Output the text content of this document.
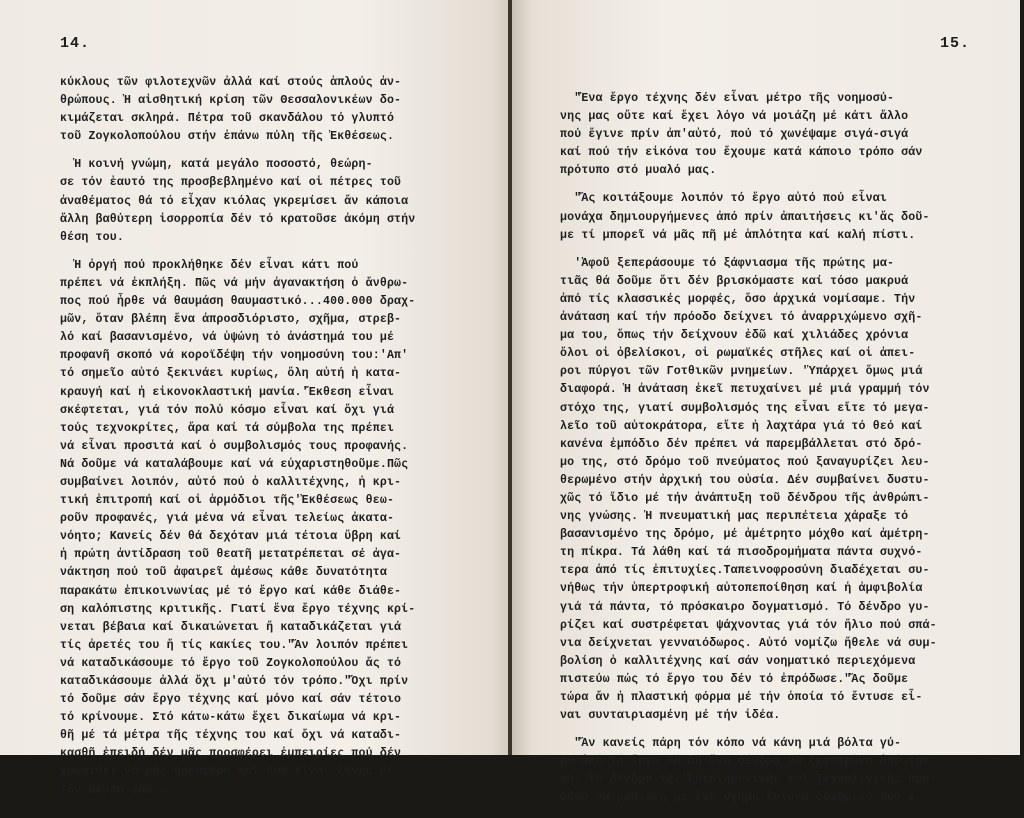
14.
κύκλους τῶν φιλοτεχνῶν ἀλλά καί στούς ἁπλούς ἀν-
θρώπους. Ἡ αἰσθητική κρίση τῶν Θεσσαλονικέων δο-
κιμάζεται σκληρά. Πέτρα τοῦ σκανδάλου τό γλυπτό
τοῦ Ζογκολοπούλου στήν ἐπάνω πύλη τῆς Ἐκθέσεως.
Ἡ κοινή γνώμη, κατά μεγάλο ποσοστό, θεώρη-
σε τόν ἑαυτό της προσβεβλημένο καί οἱ πέτρες τοῦ
ἀναθέματος θά τό εἶχαν κιόλας γκρεμίσει ἄν κάποια
ἄλλη βαθύτερη ἰσορροπία δέν τό κρατοῦσε ἀκόμη στήν
θέση του.
Ἡ ὀργή πού προκλήθηκε δέν εἶναι κάτι πού
πρέπει νά ἐκπλήξη. Πῶς νά μήν ἀγανακτήση ὁ ἄνθρω-
πος πού ἦρθε νά θαυμάση θαυμαστικό...400.000 δραχ-
μῶν, ὅταν βλέπη ἕνα ἀπροσδιόριστο, σχῆμα, στρεβ-
λό καί βασανισμένο, νά ὑψώνη τό ἀνάστημά του μέ
προφανῆ σκοπό νά κοροϊδέψη τήν νοημοσύνη του:'Απ'
τό σημεῖο αὐτό ξεκινάει κυρίως, ὅλη αὐτή ἡ κατα-
κραυγή καί ἡ εἰκονοκλαστική μανία.'Ἔκθεση εἶναι
σκέφτεται, γιά τόν πολύ κόσμο εἶναι καί ὄχι γιά
τούς τεχνοκρίτες, ἄρα καί τά σύμβολα της πρέπει
νά εἶναι προσιτά καί ὁ συμβολισμός τους προφανής.
Νά δοῦμε νά καταλάβουμε καί νά εὐχαριστηθοῦμε.Πῶς
συμβαίνει λοιπόν, αὐτό πού ὁ καλλιτέχνης, ἡ κρι-
τική ἐπιτροπή καί οἱ ἁρμόδιοι τῆς'Ἐκθέσεως θεω-
ροῦν προφανές, γιά μένα νά εἶναι τελείως ἀκατα-
νόητο; Κανείς δέν θά δεχόταν μιά τέτοια ὕβρη καί
ἡ πρώτη ἀντίδραση τοῦ θεατῆ μετατρέπεται σέ ἀγα-
νάκτηση πού τοῦ ἀφαιρεῖ ἀμέσως κάθε δυνατότητα
παρακάτω ἐπικοινωνίας μέ τό ἔργο καί κάθε διάθε-
ση καλόπιστης κριτικῆς. Γιατί ἕνα ἔργο τέχνης κρί-
νεται βέβαια καί δικαιώνεται ἤ καταδικάζεται γιά
τίς ἀρετές του ἤ τίς κακίες του."Ἄν λοιπόν πρέπει
νά καταδικάσουμε τό ἔργο τοῦ Ζογκολοπούλου ἄς τό
καταδικάσουμε ἀλλά ὄχι μ'αὐτό τόν τρόπο."Ὄχι πρίν
τό δοῦμε σάν ἔργο τέχνης καί μόνο καί σάν τέτοιο
τό κρίνουμε. Στό κάτω-κάτω ἔχει δικαίωμα νά κρι-
θῆ μέ τά μέτρα τῆς τέχνης του καί ὄχι νά καταδι-
κασθῆ ἐπειδή δέν μᾶς προσφέρει ἐμπειρίες πού δέν
χρωστάει νά μᾶς προσφέρη καί πού εἶναι ξένες μέ
τόν σκοπό του.-
15.
"Ἕνα ἔργο τέχνης δέν εἶναι μέτρο τῆς νοημοσύ-
νης μας οὔτε καί ἔχει λόγο νά μοιάζη μέ κάτι ἄλλο
πού ἔγινε πρίν ἀπ'αὐτό, πού τό χωνέψαμε σιγά-σιγά
καί πού τήν εἰκόνα του ἔχουμε κατά κάποιο τρόπο σάν
πρότυπο στό μυαλό μας.
"Ἄς κοιτάξουμε λοιπόν τό ἔργο αὐτό πού εἶναι
μονάχα δημιουργήμενες ἀπό πρίν ἀπαιτήσεις κι'ἄς δοῦ-
με τί μπορεῖ νά μᾶς πῆ μέ ἁπλότητα καί καλή πίστι.
'Ἀφοῦ ξεπεράσουμε τό ξάφνιασμα τῆς πρώτης μα-
τιᾶς θά δοῦμε ὅτι δέν βρισκόμαστε καί τόσο μακρυά
ἀπό τίς κλασσικές μορφές, ὅσο ἀρχικά νομίσαμε. Τήν
ἀνάταση καί τήν πρόοδο δείχνει τό ἀναρριχώμενο σχῆ-
μα του, ὅπως τήν δείχνουν ἐδῶ καί χιλιάδες χρόνια
ὅλοι οἱ ὀβελίσκοι, οἱ ρωμαϊκές στῆλες καί οἱ ἀπει-
ροι πύργοι τῶν Γοτθικῶν μνημείων. 'Ὑπάρχει ὅμως μιά
διαφορά. Ἡ ἀνάταση ἐκεῖ πετυχαίνει μέ μιά γραμμή τόν
στόχο της, γιατί συμβολισμός της εἶναι εἴτε τό μεγα-
λεῖο τοῦ αὐτοκράτορα, εἴτε ἡ λαχτάρα γιά τό θεό καί
κανένα ἐμπόδιο δέν πρέπει νά παρεμβάλλεται στό δρό-
μο της, στό δρόμο τοῦ πνεύματος πού ξαναγυρίζει λευ-
θερωμένο στήν ἀρχική του οὐσία. Δέν συμβαίνει δυστυ-
χῶς τό ἴδιο μέ τήν ἀνάπτυξη τοῦ δένδρου τῆς ἀνθρώπι-
νης γνώσης. Ἡ πνευματική μας περιπέτεια χάραξε τό
βασανισμένο της δρόμο, μέ ἀμέτρητο μόχθο καί ἀμέτρη-
τη πίκρα. Τά λάθη καί τά πισοδρομήματα πάντα συχνό-
τερα ἀπό τίς ἐπιτυχίες.Ταπεινοφροσύνη διαδέχεται συ-
νήθως τήν ὑπερτροφική αὐτοπεποίθηση καί ἡ ἀμφιβολία
γιά τά πάντα, τό πρόσκαιρο δογματισμό. Τό δένδρο γυ-
ρίζει καί συστρέφεται ψάχνοντας γιά τόν ἥλιο πού σπά-
νια δείχνεται γενναιόδωρος. Αὐτό νομίζω ἤθελε νά συμ-
βολίση ὁ καλλιτέχνης καί σάν νοηματικό περιεχόμενα
πιστεύω πώς τό ἔργο του δέν τό ἐπρόδωσε."Ἄς δοῦμε
τώρα ἄν ἡ πλαστική φόρμα μέ τήν ὁποία τό ἔντυσε εἶ-
ναι συνταιριασμένη μέ τήν ἰδέα.
"Ἄν κανείς πάρη τόν κόπο νά κάνη μιά βόλτα γύ-
ρω ἀπό τό ἔργο θά δῆ ἕνα δένδρο νά ξεφυτρώνη ἀπό τήν
γῆ. Τό δένδρο τῆς'Ἐπιστημονικῆς καί Τεχνολογικῆς προ-
όδου νά μεστώνη μέ ἕνα σχῆμα ἔντονα δυναμικό πού ἐ-
